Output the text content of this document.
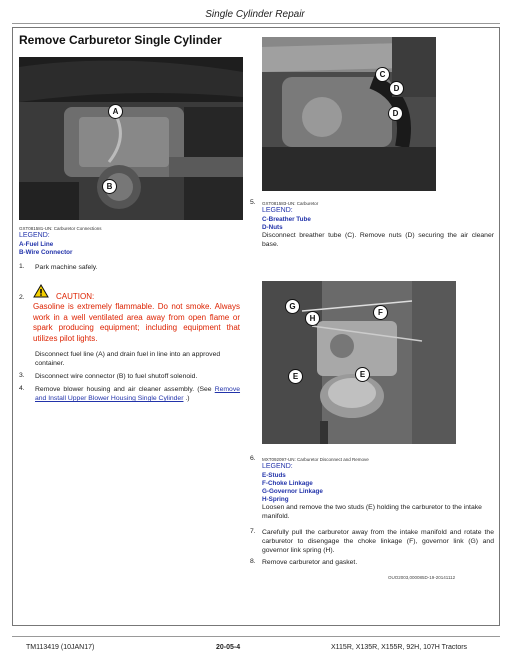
Single Cylinder Repair
Remove Carburetor Single Cylinder
A
B
GXT081581-UN: Carburetor Connections
LEGEND:
A-Fuel Line
B-Wire Connector
C
D
D
5. GXT081583-UN: Carburetor
LEGEND:
C-Breather Tube
D-Nuts
Disconnect breather tube (C). Remove nuts (D) securing the air cleaner base.
1. Park machine safely.
2.	CAUTION:
Gasoline is extremely flammable. Do not smoke. Always work in a well ventilated area away from open flame or spark producing equipment; including equipment that utilizes pilot lights.
Disconnect fuel line (A) and drain fuel in line into an approved container.
3. Disconnect wire connector (B) to fuel shutoff solenoid.
4. Remove blower housing and air cleaner assembly. (See Remove and Install Upper Blower Housing Single Cylinder .)
G
H
F
E	E
6. MXT092097-UN: Carburetor Disconnect and Remove
LEGEND:
E-Studs
F-Choke Linkage
G-Governor Linkage
H-Spring
Loosen and remove the two studs (E) holding the carburetor to the intake manifold.
7. Carefully pull the carburetor away from the intake manifold and rotate the carburetor to disengage the choke linkage (F), governor link (G) and governor link spring (H).
8. Remove carburetor and gasket.
OUO2003,000085D-19-20141112
TM113419 (10JAN17)	20-05-4	X115R, X135R, X155R, 92H, 107H Tractors
